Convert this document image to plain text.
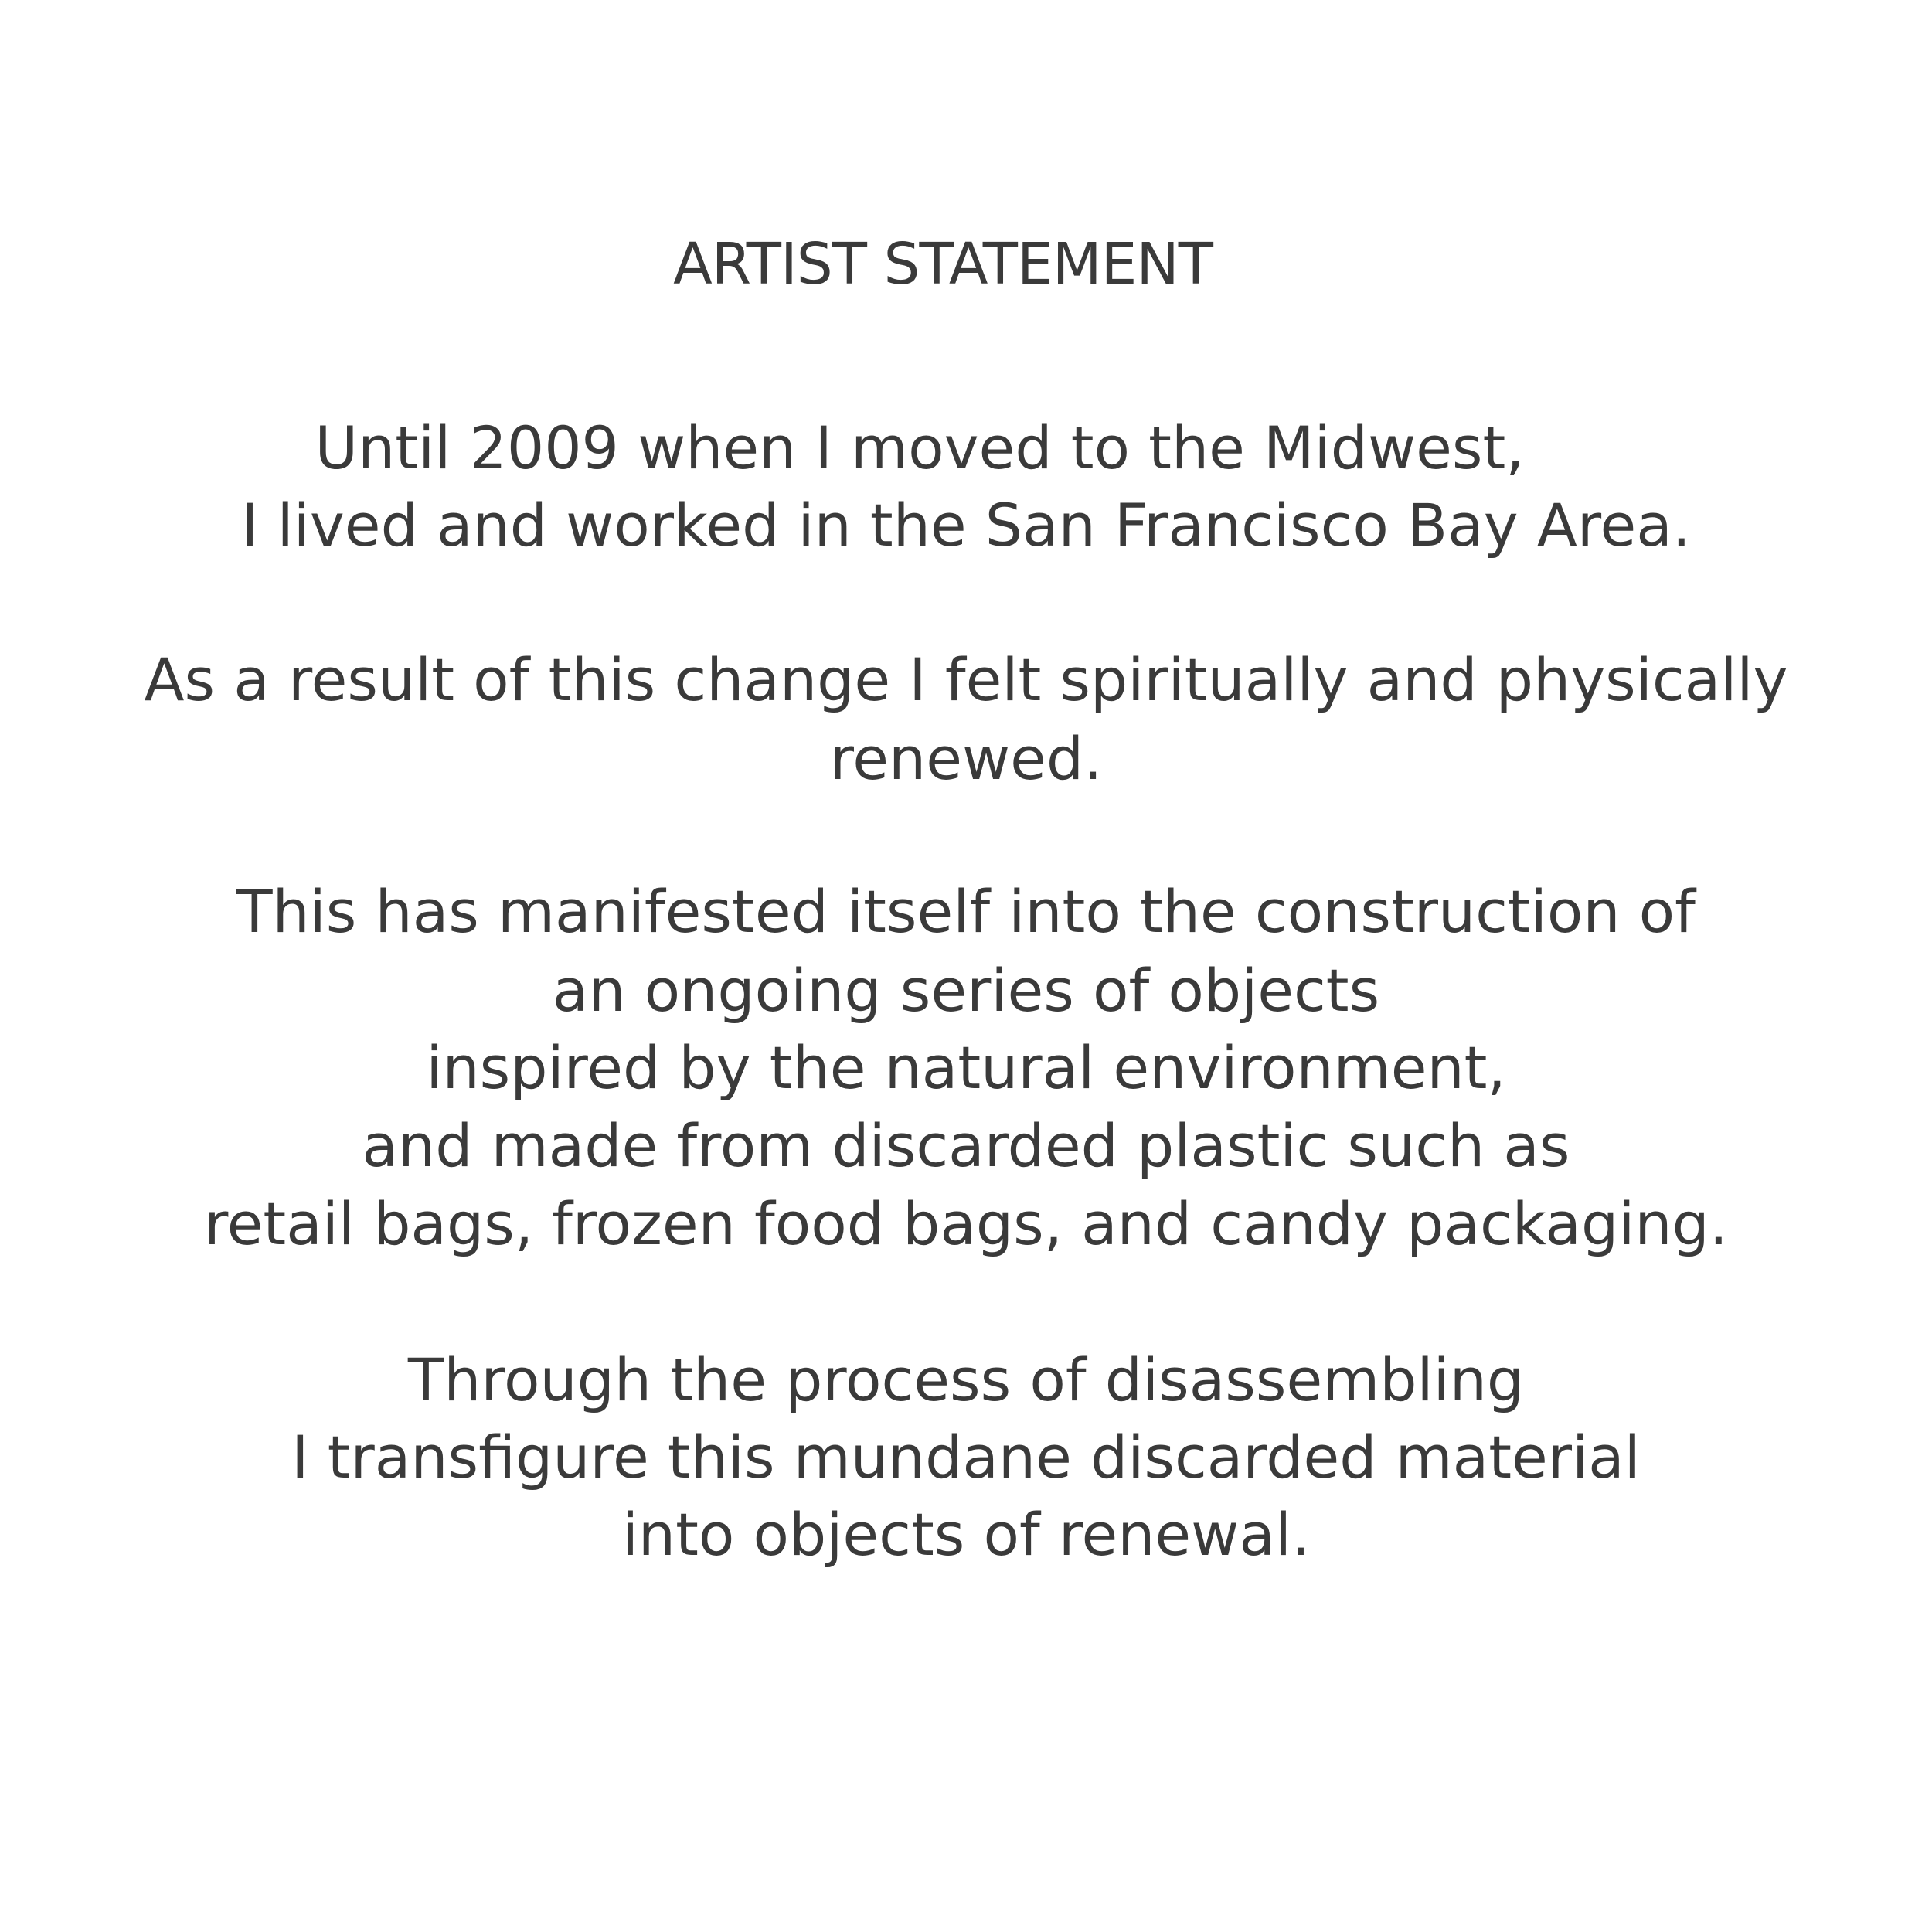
ARTIST STATEMENT
Until 2009 when I moved to the Midwest,
I lived and worked in the San Francisco Bay Area.
As a result of this change I felt spiritually and physically
renewed.
This has manifested itself into the construction of
an ongoing series of objects
inspired by the natural environment,
and made from discarded plastic such as
retail bags, frozen food bags, and candy packaging.
Through the process of disassembling
I transfigure this mundane discarded material
into objects of renewal.
